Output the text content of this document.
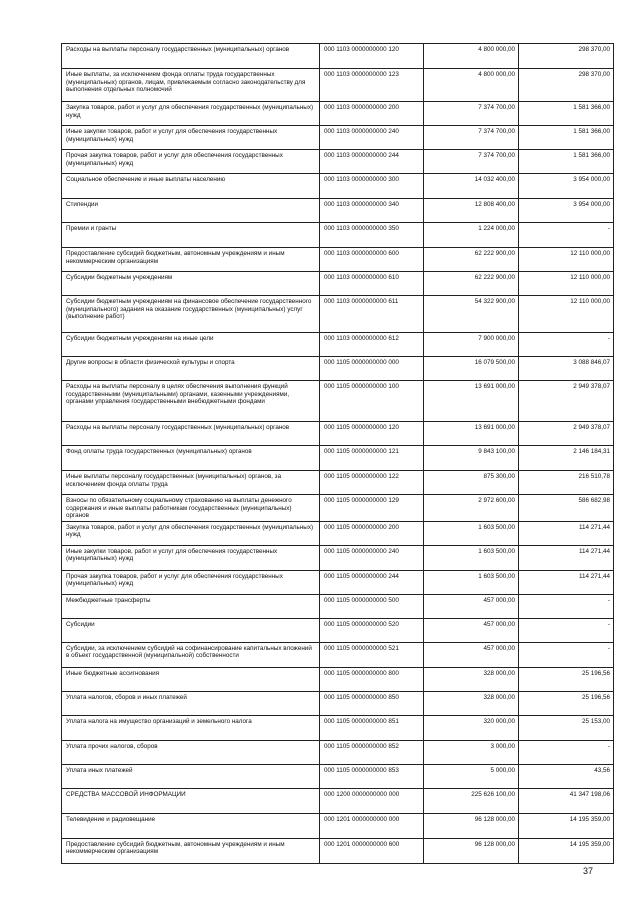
Расходы на выплаты персоналу государственных (муниципальных) органов	000 1103 0000000000 120	4 800 000,00	298 370,00
Иные выплаты, за исключением фонда оплаты труда государственных (муниципальных) органов, лицам, привлекаемым согласно законодательству для выполнения отдельных полномочий	000 1103 0000000000 123	4 800 000,00	298 370,00
Закупка товаров, работ и услуг для обеспечения государственных (муниципальных) нужд	000 1103 0000000000 200	7 374 700,00	1 581 366,00
Иные закупки товаров, работ и услуг для обеспечения государственных (муниципальных) нужд	000 1103 0000000000 240	7 374 700,00	1 581 366,00
Прочая закупка товаров, работ и услуг для обеспечения государственных (муниципальных) нужд	000 1103 0000000000 244	7 374 700,00	1 581 366,00
Социальное обеспечение и иные выплаты населению	000 1103 0000000000 300	14 032 400,00	3 954 000,00
Стипендии	000 1103 0000000000 340	12 808 400,00	3 954 000,00
Премии и гранты	000 1103 0000000000 350	1 224 000,00	-
Предоставление субсидий бюджетным, автономным учреждениям и иным некоммерческим организациям	000 1103 0000000000 600	62 222 900,00	12 110 000,00
Субсидии бюджетным учреждениям	000 1103 0000000000 610	62 222 900,00	12 110 000,00
Субсидии бюджетным учреждениям на финансовое обеспечение государственного (муниципального) задания на оказание государственных (муниципальных) услуг (выполнение работ)	000 1103 0000000000 611	54 322 900,00	12 110 000,00
Субсидии бюджетным учреждениям на иные цели	000 1103 0000000000 612	7 900 000,00	-
Другие вопросы в области физической культуры и спорта	000 1105 0000000000 000	16 079 500,00	3 088 846,07
Расходы на выплаты персоналу в целях обеспечения выполнения функций государственными (муниципальными) органами, казенными учреждениями, органами управления государственными внебюджетными фондами	000 1105 0000000000 100	13 691 000,00	2 949 378,07
Расходы на выплаты персоналу государственных (муниципальных) органов	000 1105 0000000000 120	13 691 000,00	2 949 378,07
Фонд оплаты труда государственных (муниципальных) органов	000 1105 0000000000 121	9 843 100,00	2 146 184,31
Иные выплаты персоналу государственных (муниципальных) органов, за исключением фонда оплаты труда	000 1105 0000000000 122	875 300,00	216 510,78
Взносы по обязательному социальному страхованию на выплаты денежного содержания и иные выплаты работникам государственных (муниципальных) органов	000 1105 0000000000 129	2 972 600,00	586 682,98
Закупка товаров, работ и услуг для обеспечения государственных (муниципальных) нужд	000 1105 0000000000 200	1 603 500,00	114 271,44
Иные закупки товаров, работ и услуг для обеспечения государственных (муниципальных) нужд	000 1105 0000000000 240	1 603 500,00	114 271,44
Прочая закупка товаров, работ и услуг для обеспечения государственных (муниципальных) нужд	000 1105 0000000000 244	1 603 500,00	114 271,44
Межбюджетные трансферты	000 1105 0000000000 500	457 000,00	-
Субсидии	000 1105 0000000000 520	457 000,00	-
Субсидии, за исключением субсидий на софинансирование капитальных вложений в объект государственной (муниципальной) собственности	000 1105 0000000000 521	457 000,00	-
Иные бюджетные ассигнования	000 1105 0000000000 800	328 000,00	25 196,56
Уплата налогов, сборов и иных платежей	000 1105 0000000000 850	328 000,00	25 196,56
Уплата налога на имущество организаций и земельного налога	000 1105 0000000000 851	320 000,00	25 153,00
Уплата прочих налогов, сборов	000 1105 0000000000 852	3 000,00	-
Уплата иных платежей	000 1105 0000000000 853	5 000,00	43,56
СРЕДСТВА МАССОВОЙ ИНФОРМАЦИИ	000 1200 0000000000 000	225 626 100,00	41 347 198,06
Телевидение и радиовещание	000 1201 0000000000 000	96 128 000,00	14 195 359,00
Предоставление субсидий бюджетным, автономным учреждениям и иным некоммерческим организациям	000 1201 0000000000 600	96 128 000,00	14 195 359,00
37
